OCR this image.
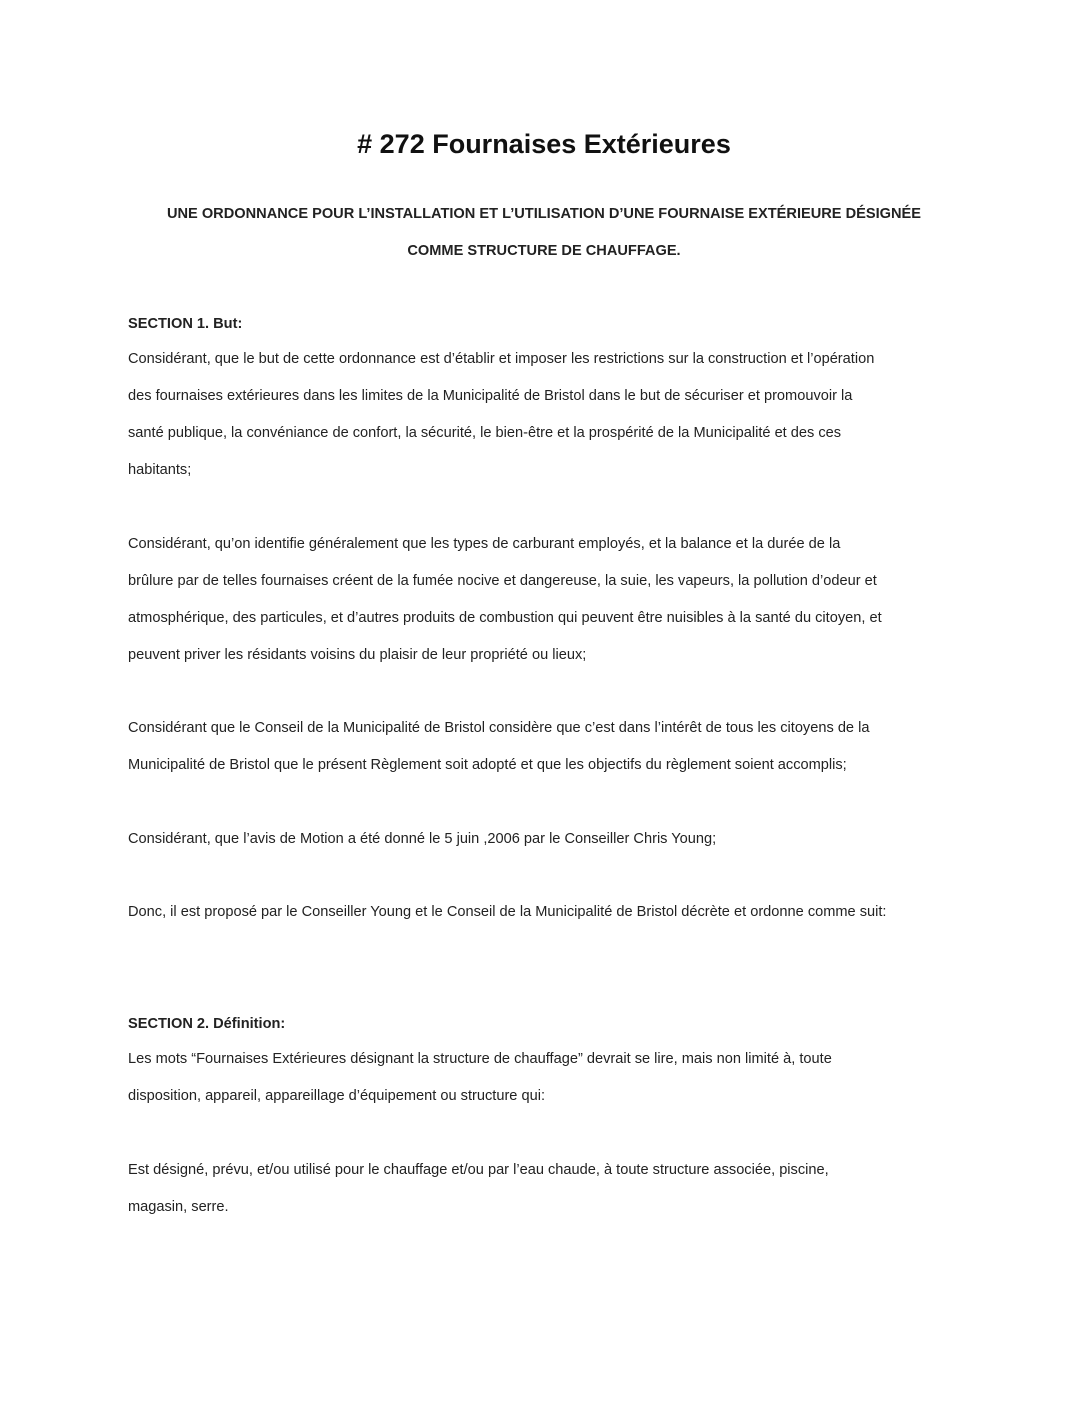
# 272 Fournaises Extérieures
UNE ORDONNANCE POUR L’INSTALLATION ET L’UTILISATION D’UNE FOURNAISE EXTÉRIEURE DÉSIGNÉE
COMME STRUCTURE DE CHAUFFAGE.
SECTION 1. But:
Considérant, que le but de cette ordonnance est d’établir et imposer les restrictions sur la construction et l’opération
des fournaises extérieures dans les limites de la Municipalité de Bristol dans le but de sécuriser et promouvoir la
santé publique, la convéniance de confort, la sécurité, le bien-être et la prospérité de la Municipalité et des ces
habitants;
Considérant, qu’on identifie généralement que les types de carburant employés, et la balance et la durée de la
brûlure par de telles fournaises créent de la fumée nocive et dangereuse, la suie, les vapeurs, la pollution d’odeur et
atmosphérique, des particules, et d’autres produits de combustion qui peuvent être nuisibles à la santé du citoyen, et
peuvent priver les résidants voisins du plaisir de leur propriété ou lieux;
Considérant que le Conseil de la Municipalité de Bristol considère que c’est dans l’intérêt de tous les citoyens de la
Municipalité de Bristol que le présent Règlement soit adopté et que les objectifs du règlement soient accomplis;
Considérant, que l’avis de Motion a été donné le 5 juin ,2006 par le Conseiller Chris Young;
Donc, il est proposé par le Conseiller Young et le Conseil de la Municipalité de Bristol décrète et ordonne comme suit:
SECTION 2. Définition:
Les mots “Fournaises Extérieures désignant la structure de chauffage” devrait se lire, mais non limité à, toute
disposition, appareil, appareillage d’équipement ou structure qui:
Est désigné, prévu, et/ou utilisé pour le chauffage et/ou par l’eau chaude, à toute structure associée, piscine,
magasin, serre.
